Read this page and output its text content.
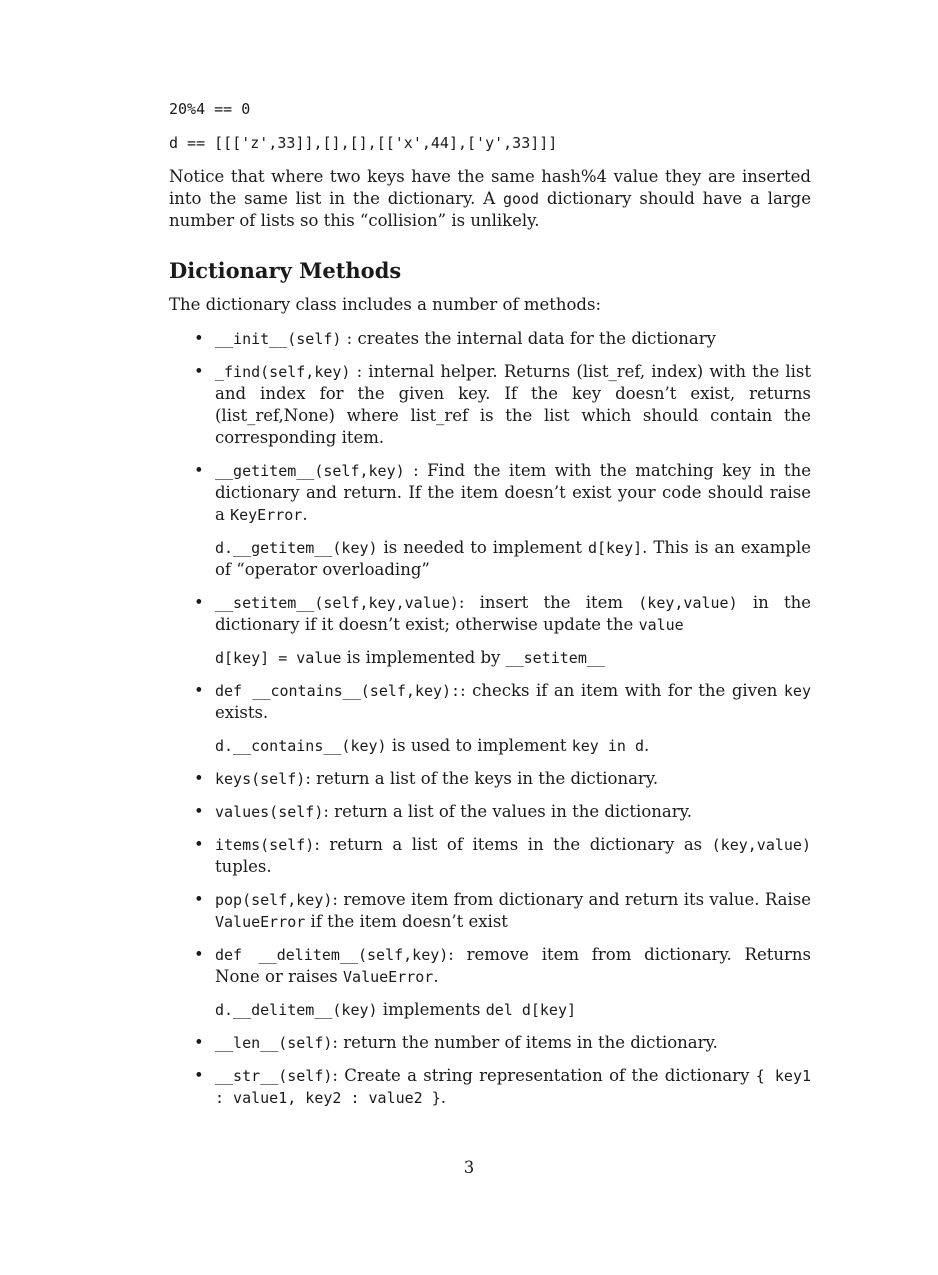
20%4 == 0

d == [[['z',33]],[],[],[['x',44],['y',33]]]

Notice that where two keys have the same hash%4 value they are inserted into the same list in the dictionary. A good dictionary should have a large number of lists so this “collision” is unlikely.

Dictionary Methods

The dictionary class includes a number of methods:

• __init__(self) : creates the internal data for the dictionary
• _find(self,key) : internal helper. Returns (list_ref, index) with the list and index for the given key. If the key doesn’t exist, returns (list_ref,None) where list_ref is the list which should contain the corresponding item.
• __getitem__(self,key) : Find the item with the matching key in the dictionary and return. If the item doesn’t exist your code should raise a KeyError.
d.__getitem__(key) is needed to implement d[key]. This is an example of “operator overloading”
• __setitem__(self,key,value): insert the item (key,value) in the dictionary if it doesn’t exist; otherwise update the value
d[key] = value is implemented by __setitem__
• def __contains__(self,key):: checks if an item with for the given key exists.
d.__contains__(key) is used to implement key in d.
• keys(self): return a list of the keys in the dictionary.
• values(self): return a list of the values in the dictionary.
• items(self): return a list of items in the dictionary as (key,value) tuples.
• pop(self,key): remove item from dictionary and return its value. Raise ValueError if the item doesn’t exist
• def __delitem__(self,key): remove item from dictionary. Returns None or raises ValueError.
d.__delitem__(key) implements del d[key]
• __len__(self): return the number of items in the dictionary.
• __str__(self): Create a string representation of the dictionary { key1 : value1, key2 : value2 }.
3
